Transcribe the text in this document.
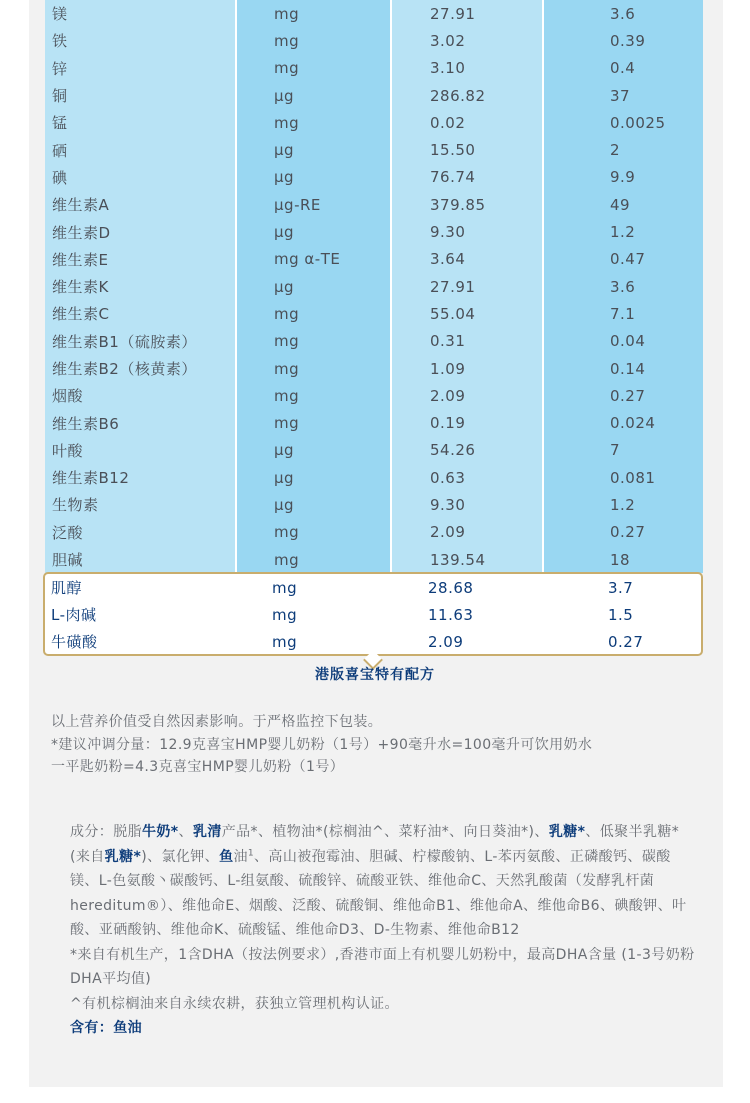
镁	mg	27.91	3.6
铁	mg	3.02	0.39
锌	mg	3.10	0.4
铜	μg	286.82	37
锰	mg	0.02	0.0025
硒	μg	15.50	2
碘	μg	76.74	9.9
维生素A	μg-RE	379.85	49
维生素D	μg	9.30	1.2
维生素E	mg α-TE	3.64	0.47
维生素K	μg	27.91	3.6
维生素C	mg	55.04	7.1
维生素B1（硫胺素）	mg	0.31	0.04
维生素B2（核黄素）	mg	1.09	0.14
烟酸	mg	2.09	0.27
维生素B6	mg	0.19	0.024
叶酸	μg	54.26	7
维生素B12	μg	0.63	0.081
生物素	μg	9.30	1.2
泛酸	mg	2.09	0.27
胆碱	mg	139.54	18
肌醇	mg	28.68	3.7
L-肉碱	mg	11.63	1.5
牛磺酸	mg	2.09	0.27
港版喜宝特有配方

以上营养价值受自然因素影响。于严格监控下包装。

*建议冲调分量：12.9克喜宝HMP婴儿奶粉（1号）+90毫升水=100毫升可饮用奶水

一平匙奶粉=4.3克喜宝HMP婴儿奶粉（1号）

成分：脱脂牛奶*、乳清产品*、植物油*(棕榈油^、菜籽油*、向日葵油*)、乳糖*、低聚半乳糖*(来自乳糖*)、氯化钾、鱼油$^1$、高山被孢霉油、胆碱、柠檬酸钠、L-苯丙氨酸、正磷酸钙、碳酸镁、L-色氨酸丶碳酸钙、L-组氨酸、硫酸锌、硫酸亚铁、维他命C、天然乳酸菌（发酵乳杆菌hereditum®）、维他命E、烟酸、泛酸、硫酸铜、维他命B1、维他命A、维他命B6、碘酸钾、叶酸、亚硒酸钠、维他命K、硫酸锰、维他命D3、D-生物素、维他命B12

*来自有机生产，1含DHA（按法例要求）,香港市面上有机婴儿奶粉中，最高DHA含量 (1-3号奶粉DHA平均值)

^有机棕榈油来自永续农耕，获独立管理机构认证。

含有：鱼油
